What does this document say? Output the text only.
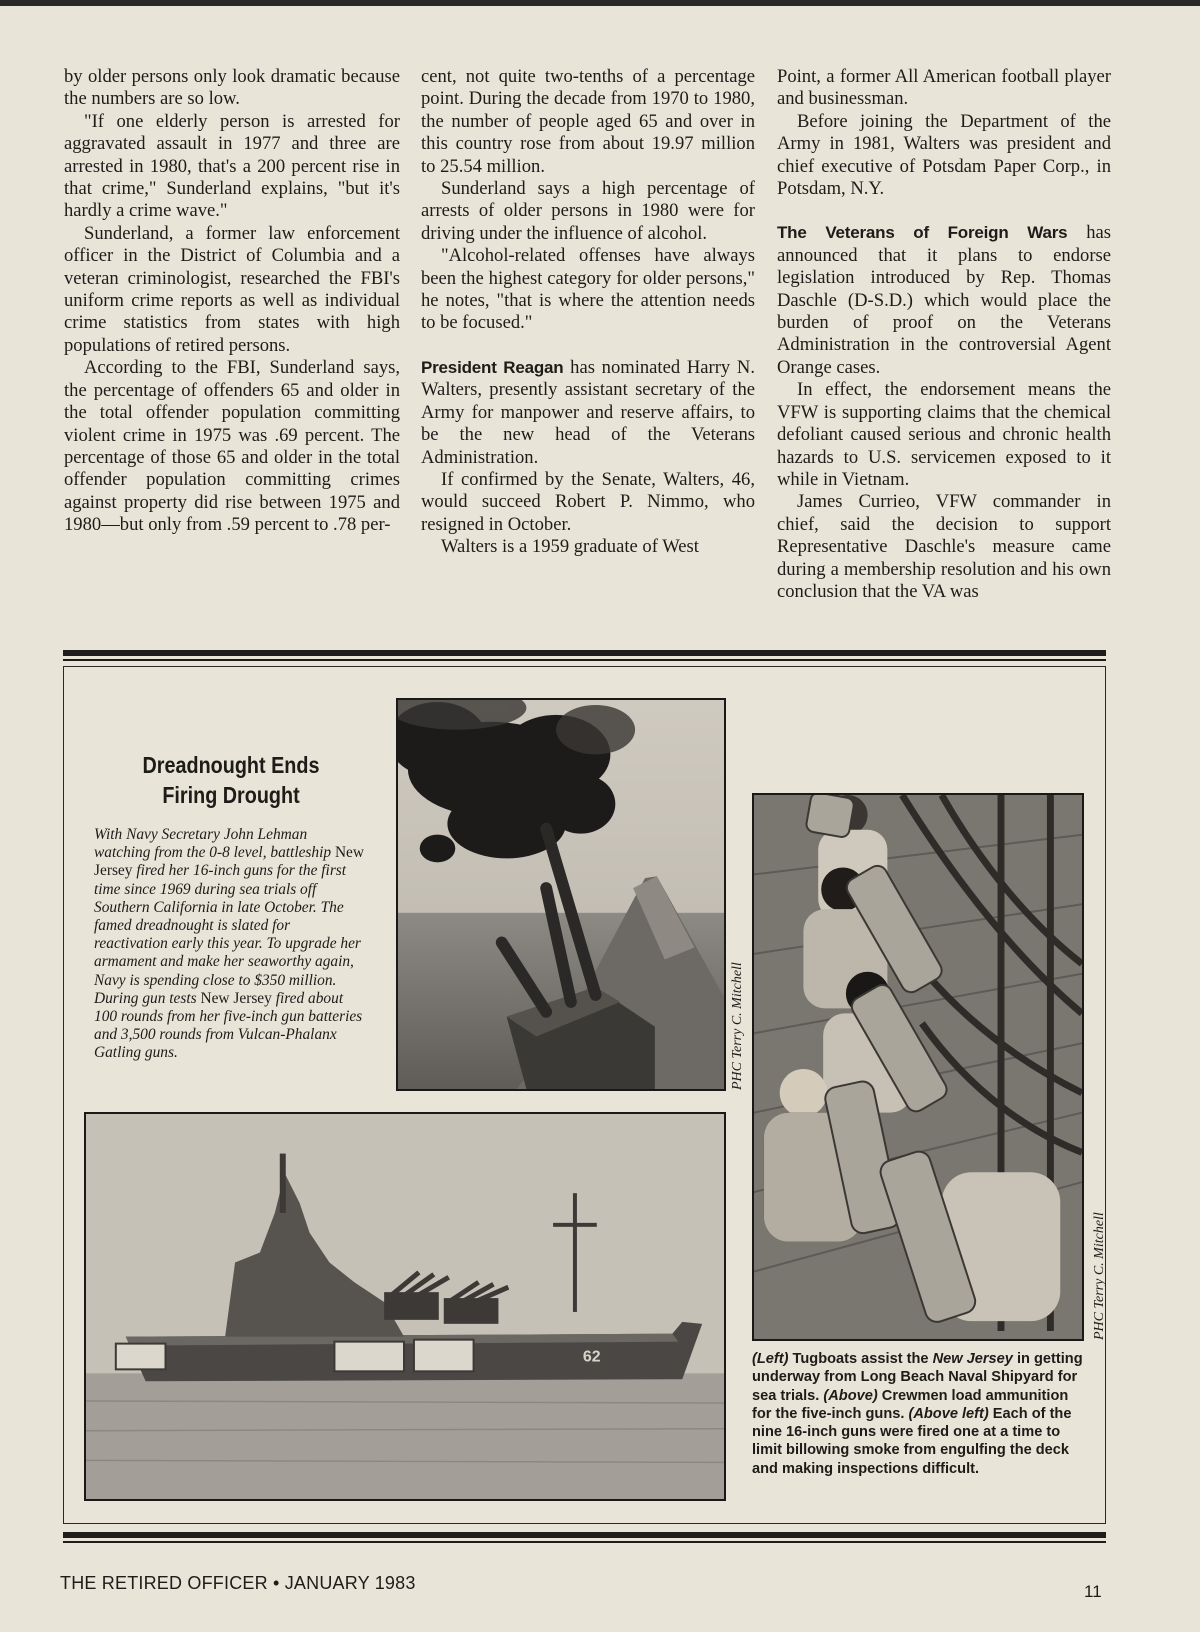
by older persons only look dramatic because the numbers are so low.

"If one elderly person is arrested for aggravated assault in 1977 and three are arrested in 1980, that's a 200 percent rise in that crime," Sunderland explains, "but it's hardly a crime wave."

Sunderland, a former law enforcement officer in the District of Columbia and a veteran criminologist, researched the FBI's uniform crime reports as well as individual crime statistics from states with high populations of retired persons.

According to the FBI, Sunderland says, the percentage of offenders 65 and older in the total offender population committing violent crime in 1975 was .69 percent. The percentage of those 65 and older in the total offender population committing crimes against property did rise between 1975 and 1980—but only from .59 percent to .78 per-

cent, not quite two-tenths of a percentage point. During the decade from 1970 to 1980, the number of people aged 65 and over in this country rose from about 19.97 million to 25.54 million.

Sunderland says a high percentage of arrests of older persons in 1980 were for driving under the influence of alcohol.

"Alcohol-related offenses have always been the highest category for older persons," he notes, "that is where the attention needs to be focused."

President Reagan has nominated Harry N. Walters, presently assistant secretary of the Army for manpower and reserve affairs, to be the new head of the Veterans Administration.

If confirmed by the Senate, Walters, 46, would succeed Robert P. Nimmo, who resigned in October.

Walters is a 1959 graduate of West

Point, a former All American football player and businessman.

Before joining the Department of the Army in 1981, Walters was president and chief executive of Potsdam Paper Corp., in Potsdam, N.Y.

The Veterans of Foreign Wars has announced that it plans to endorse legislation introduced by Rep. Thomas Daschle (D-S.D.) which would place the burden of proof on the Veterans Administration in the controversial Agent Orange cases.

In effect, the endorsement means the VFW is supporting claims that the chemical defoliant caused serious and chronic health hazards to U.S. servicemen exposed to it while in Vietnam.

James Currieo, VFW commander in chief, said the decision to support Representative Daschle's measure came during a membership resolution and his own conclusion that the VA was

Dreadnought Ends
Firing Drought
With Navy Secretary John Lehman watching from the 0-8 level, battleship New Jersey fired her 16-inch guns for the first time since 1969 during sea trials off Southern California in late October. The famed dreadnought is slated for reactivation early this year. To upgrade her armament and make her seaworthy again, Navy is spending close to $350 million. During gun tests New Jersey fired about 100 rounds from her five-inch gun batteries and 3,500 rounds from Vulcan-Phalanx Gatling guns.	PHC Terry C. Mitchell
PHC Terry C. Mitchell
62	(Left) Tugboats assist the New Jersey in getting underway from Long Beach Naval Shipyard for sea trials. (Above) Crewmen load ammunition for the five-inch guns. (Above left) Each of the nine 16-inch guns were fired one at a time to limit billowing smoke from engulfing the deck and making inspections difficult.
THE RETIRED OFFICER • JANUARY 1983	11
